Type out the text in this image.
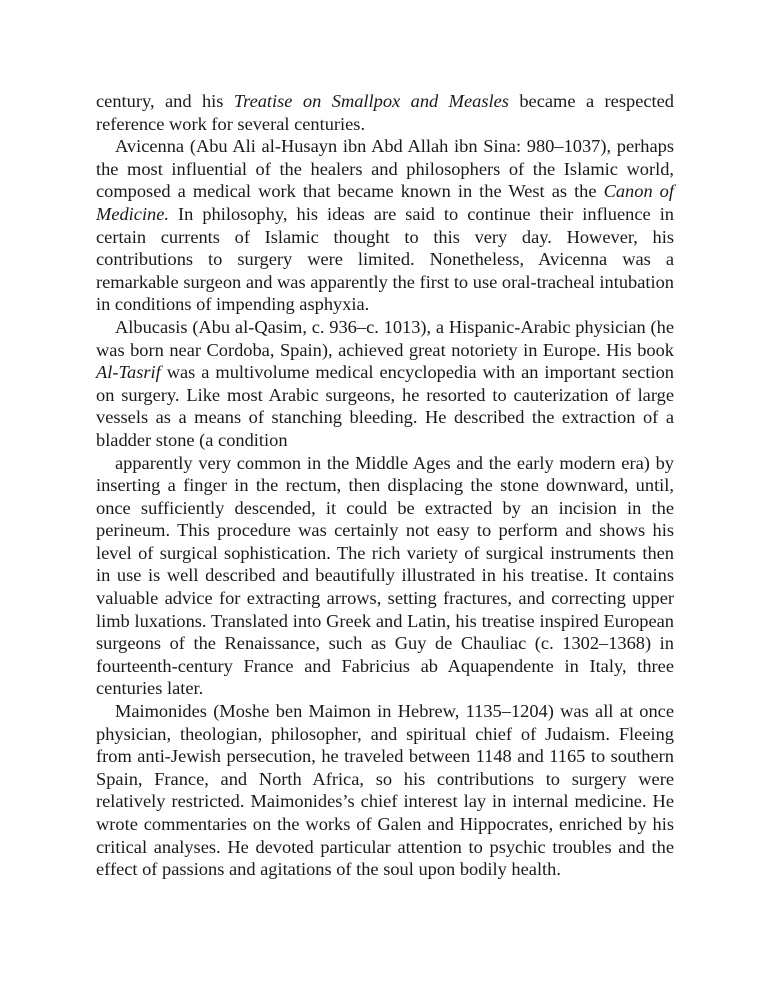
century, and his Treatise on Smallpox and Measles became a respected reference work for several centuries.

Avicenna (Abu Ali al-Husayn ibn Abd Allah ibn Sina: 980–1037), perhaps the most influential of the healers and philosophers of the Islamic world, composed a medical work that became known in the West as the Canon of Medicine. In philosophy, his ideas are said to continue their influence in certain currents of Islamic thought to this very day. However, his contributions to surgery were limited. Nonetheless, Avicenna was a remarkable surgeon and was apparently the first to use oral-tracheal intubation in conditions of impending asphyxia.

Albucasis (Abu al-Qasim, c. 936–c. 1013), a Hispanic-Arabic physician (he was born near Cordoba, Spain), achieved great notoriety in Europe. His book Al-Tasrif was a multivolume medical encyclopedia with an important section on surgery. Like most Arabic surgeons, he resorted to cauterization of large vessels as a means of stanching bleeding. He described the extraction of a bladder stone (a condition

apparently very common in the Middle Ages and the early modern era) by inserting a finger in the rectum, then displacing the stone downward, until, once sufficiently descended, it could be extracted by an incision in the perineum. This procedure was certainly not easy to perform and shows his level of surgical sophistication. The rich variety of surgical instruments then in use is well described and beautifully illustrated in his treatise. It contains valuable advice for extracting arrows, setting fractures, and correcting upper limb luxations. Translated into Greek and Latin, his treatise inspired European surgeons of the Renaissance, such as Guy de Chauliac (c. 1302–1368) in fourteenth-century France and Fabricius ab Aquapendente in Italy, three centuries later.

Maimonides (Moshe ben Maimon in Hebrew, 1135–1204) was all at once physician, theologian, philosopher, and spiritual chief of Judaism. Fleeing from anti-Jewish persecution, he traveled between 1148 and 1165 to southern Spain, France, and North Africa, so his contributions to surgery were relatively restricted. Maimonides’s chief interest lay in internal medicine. He wrote commentaries on the works of Galen and Hippocrates, enriched by his critical analyses. He devoted particular attention to psychic troubles and the effect of passions and agitations of the soul upon bodily health.
